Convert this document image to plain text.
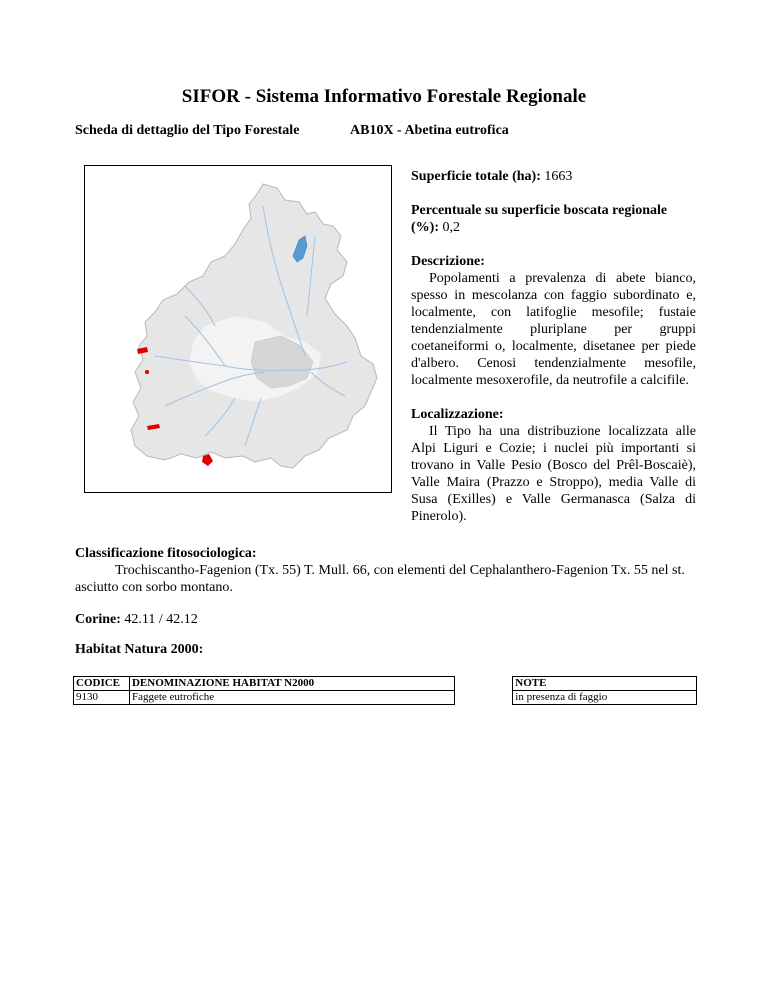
SIFOR - Sistema Informativo Forestale Regionale
Scheda di dettaglio del Tipo Forestale	AB10X - Abetina eutrofica
Superficie totale (ha): 1663
Percentuale su superficie boscata regionale (%): 0,2
Descrizione:
Popolamenti a prevalenza di abete bianco, spesso in mescolanza con faggio subordinato e, localmente, con latifoglie mesofile; fustaie tendenzialmente pluriplane per gruppi coetaneiformi o, localmente, disetanee per piede d'albero. Cenosi tendenzialmente mesofile, localmente mesoxerofile, da neutrofile a calcifile.
Localizzazione:
Il Tipo ha una distribuzione localizzata alle Alpi Liguri e Cozie; i nuclei più importanti si trovano in Valle Pesio (Bosco del Prêl-Boscaiè), Valle Maira (Prazzo e Stroppo), media Valle di Susa (Exilles) e Valle Germanasca (Salza di Pinerolo).
Classificazione fitosociologica:
Trochiscantho-Fagenion (Tx. 55) T. Mull. 66, con elementi del Cephalanthero-Fagenion Tx. 55 nel st. asciutto con sorbo montano.
Corine: 42.11 / 42.12
Habitat Natura 2000:
CODICE	DENOMINAZIONE HABITAT N2000		NOTE
9130	Faggete eutrofiche		in presenza di faggio
